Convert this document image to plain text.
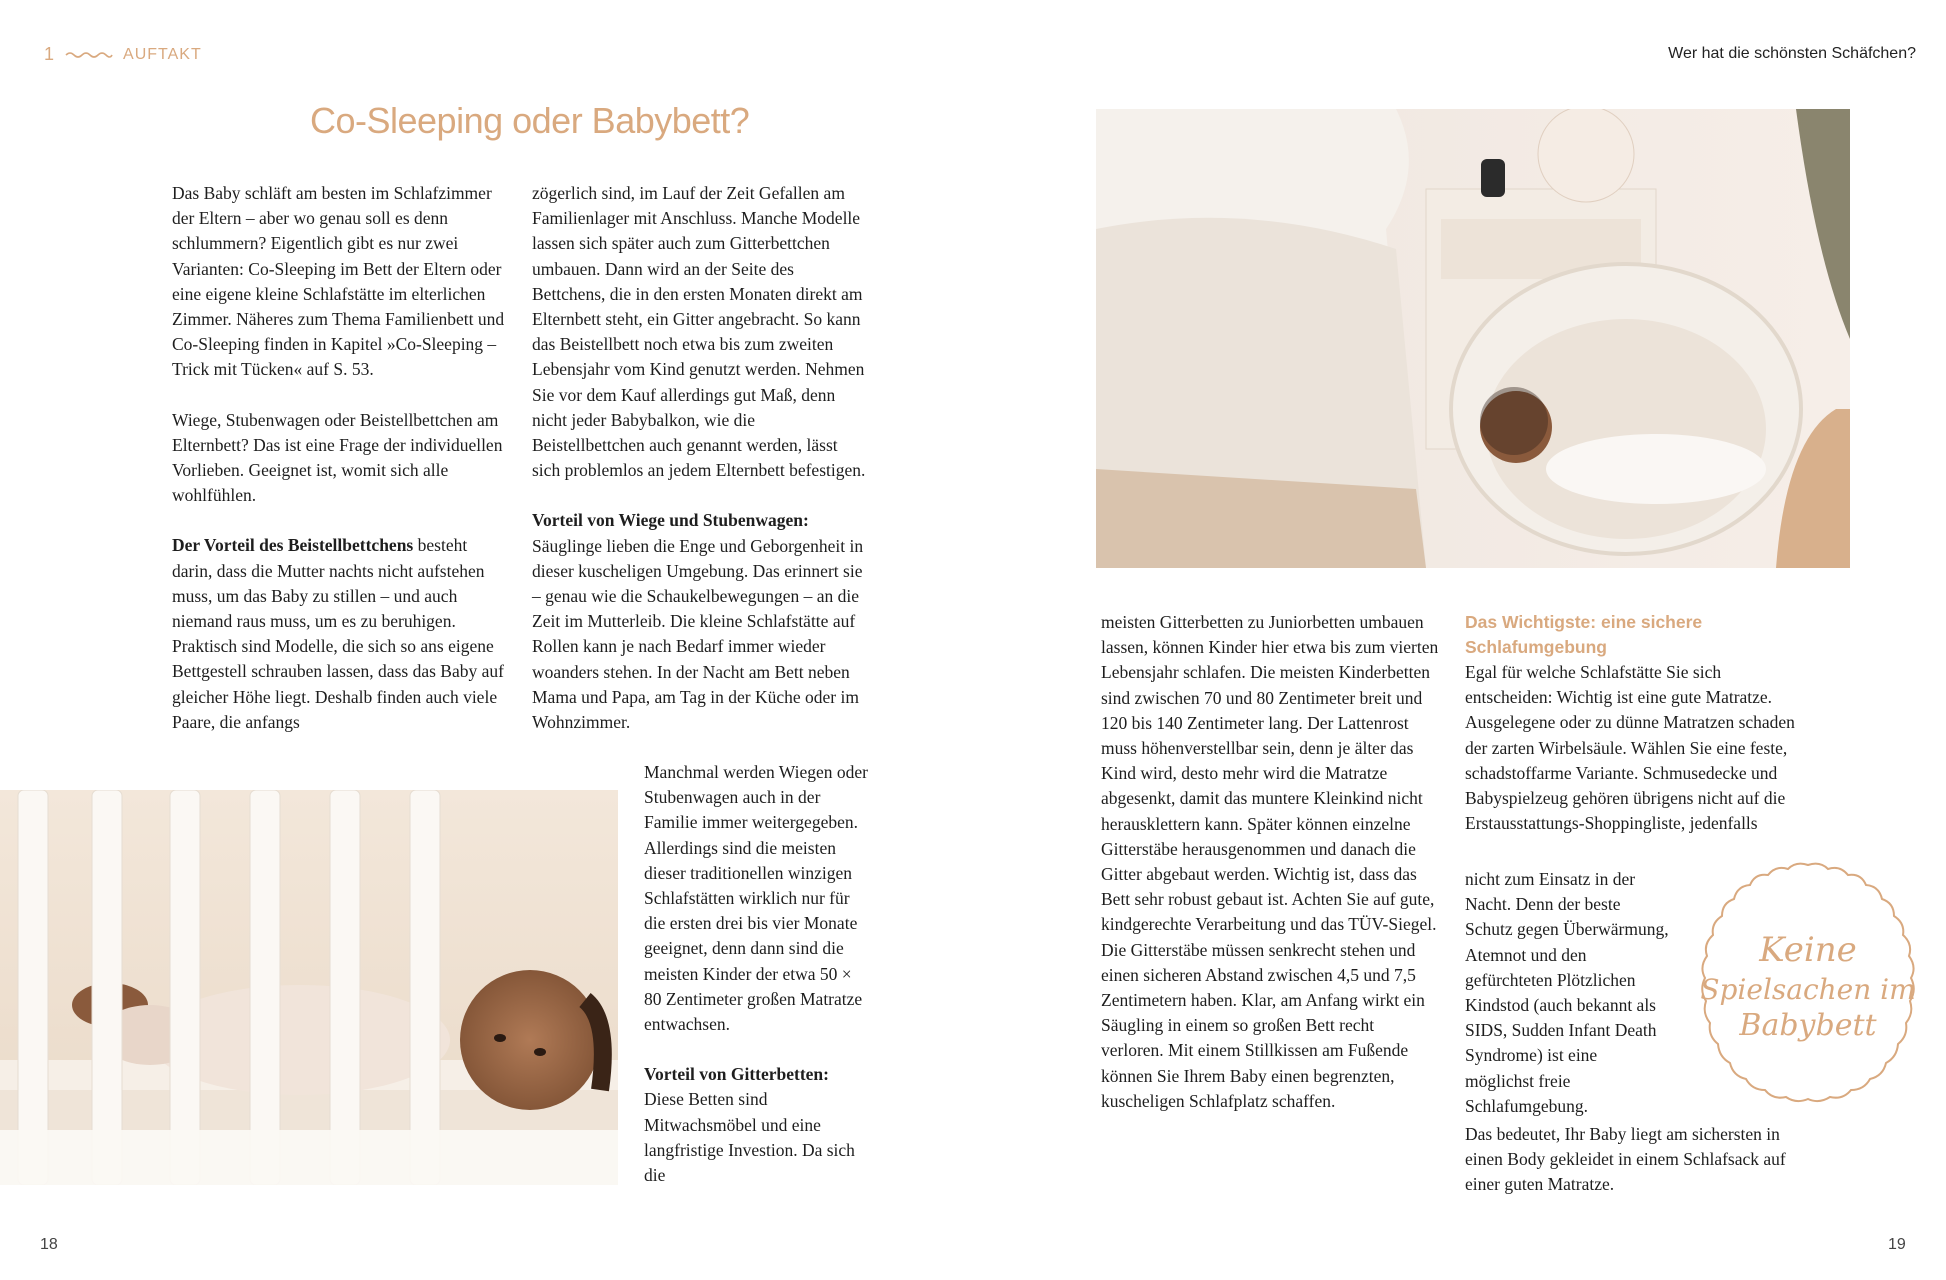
1	AUFTAKT	Wer hat die schönsten Schäfchen?
Co-Sleeping oder Babybett?

Das Baby schläft am besten im Schlafzimmer der Eltern – aber wo genau soll es denn schlummern? Eigentlich gibt es nur zwei Varianten: Co-Sleeping im Bett der Eltern oder eine eigene kleine Schlafstätte im elterlichen Zimmer. Näheres zum Thema Familienbett und Co-Sleeping finden in Kapitel »Co-Sleeping – Trick mit Tücken« auf S. 53.

Wiege, Stubenwagen oder Beistellbettchen am Elternbett? Das ist eine Frage der individuellen Vorlieben. Geeignet ist, womit sich alle wohlfühlen.

Der Vorteil des Beistellbettchens besteht darin, dass die Mutter nachts nicht aufstehen muss, um das Baby zu stillen – und auch niemand raus muss, um es zu beruhigen. Praktisch sind Modelle, die sich so ans eigene Bettgestell schrauben lassen, dass das Baby auf gleicher Höhe liegt. Deshalb finden auch viele Paare, die anfangs

zögerlich sind, im Lauf der Zeit Gefallen am Familienlager mit Anschluss. Manche Modelle lassen sich später auch zum Gitterbettchen umbauen. Dann wird an der Seite des Bettchens, die in den ersten Monaten direkt am Elternbett steht, ein Gitter angebracht. So kann das Beistellbett noch etwa bis zum zweiten Lebensjahr vom Kind genutzt werden. Nehmen Sie vor dem Kauf allerdings gut Maß, denn nicht jeder Babybalkon, wie die Beistellbettchen auch genannt werden, lässt sich problemlos an jedem Elternbett befestigen.

Vorteil von Wiege und Stubenwagen:

Säuglinge lieben die Enge und Geborgenheit in dieser kuscheligen Umgebung. Das erinnert sie – genau wie die Schaukelbewegungen – an die Zeit im Mutterleib. Die kleine Schlafstätte auf Rollen kann je nach Bedarf immer wieder woanders stehen. In der Nacht am Bett neben Mama und Papa, am Tag in der Küche oder im Wohnzimmer.

Manchmal werden Wiegen oder Stubenwagen auch in der Familie immer weitergegeben. Allerdings sind die meisten dieser traditionellen winzigen Schlafstätten wirklich nur für die ersten drei bis vier Monate geeignet, denn dann sind die meisten Kinder der etwa 50 × 80 Zentimeter großen Matratze entwachsen.

Vorteil von Gitterbetten:

Diese Betten sind Mitwachsmöbel und eine langfristige Investion. Da sich die

meisten Gitterbetten zu Juniorbetten umbauen lassen, können Kinder hier etwa bis zum vierten Lebensjahr schlafen. Die meisten Kinderbetten sind zwischen 70 und 80 Zentimeter breit und 120 bis 140 Zentimeter lang. Der Lattenrost muss höhenverstellbar sein, denn je älter das Kind wird, desto mehr wird die Matratze abgesenkt, damit das muntere Kleinkind nicht herausklettern kann. Später können einzelne Gitterstäbe herausgenommen und danach die Gitter abgebaut werden. Wichtig ist, dass das Bett sehr robust gebaut ist. Achten Sie auf gute, kindgerechte Verarbeitung und das TÜV-Siegel. Die Gitterstäbe müssen senkrecht stehen und einen sicheren Abstand zwischen 4,5 und 7,5 Zentimetern haben. Klar, am Anfang wirkt ein Säugling in einem so großen Bett recht verloren. Mit einem Stillkissen am Fußende können Sie Ihrem Baby einen begrenzten, kuscheligen Schlafplatz schaffen.

Das Wichtigste: eine sichere Schlafumgebung

Egal für welche Schlafstätte Sie sich entscheiden: Wichtig ist eine gute Matratze. Ausgelegene oder zu dünne Matratzen schaden der zarten Wirbelsäule. Wählen Sie eine feste, schadstoffarme Variante. Schmusedecke und Babyspielzeug gehören übrigens nicht auf die Erstausstattungs-Shoppingliste, jedenfalls

nicht zum Einsatz in der Nacht. Denn der beste Schutz gegen Überwärmung, Atemnot und den gefürchteten Plötzlichen Kindstod (auch bekannt als SIDS, Sudden Infant Death Syndrome) ist eine möglichst freie Schlafumgebung.

Das bedeutet, Ihr Baby liegt am sichersten in einen Body gekleidet in einem Schlafsack auf einer guten Matratze.

Keine
Spielsachen im
Babybett
18	19
